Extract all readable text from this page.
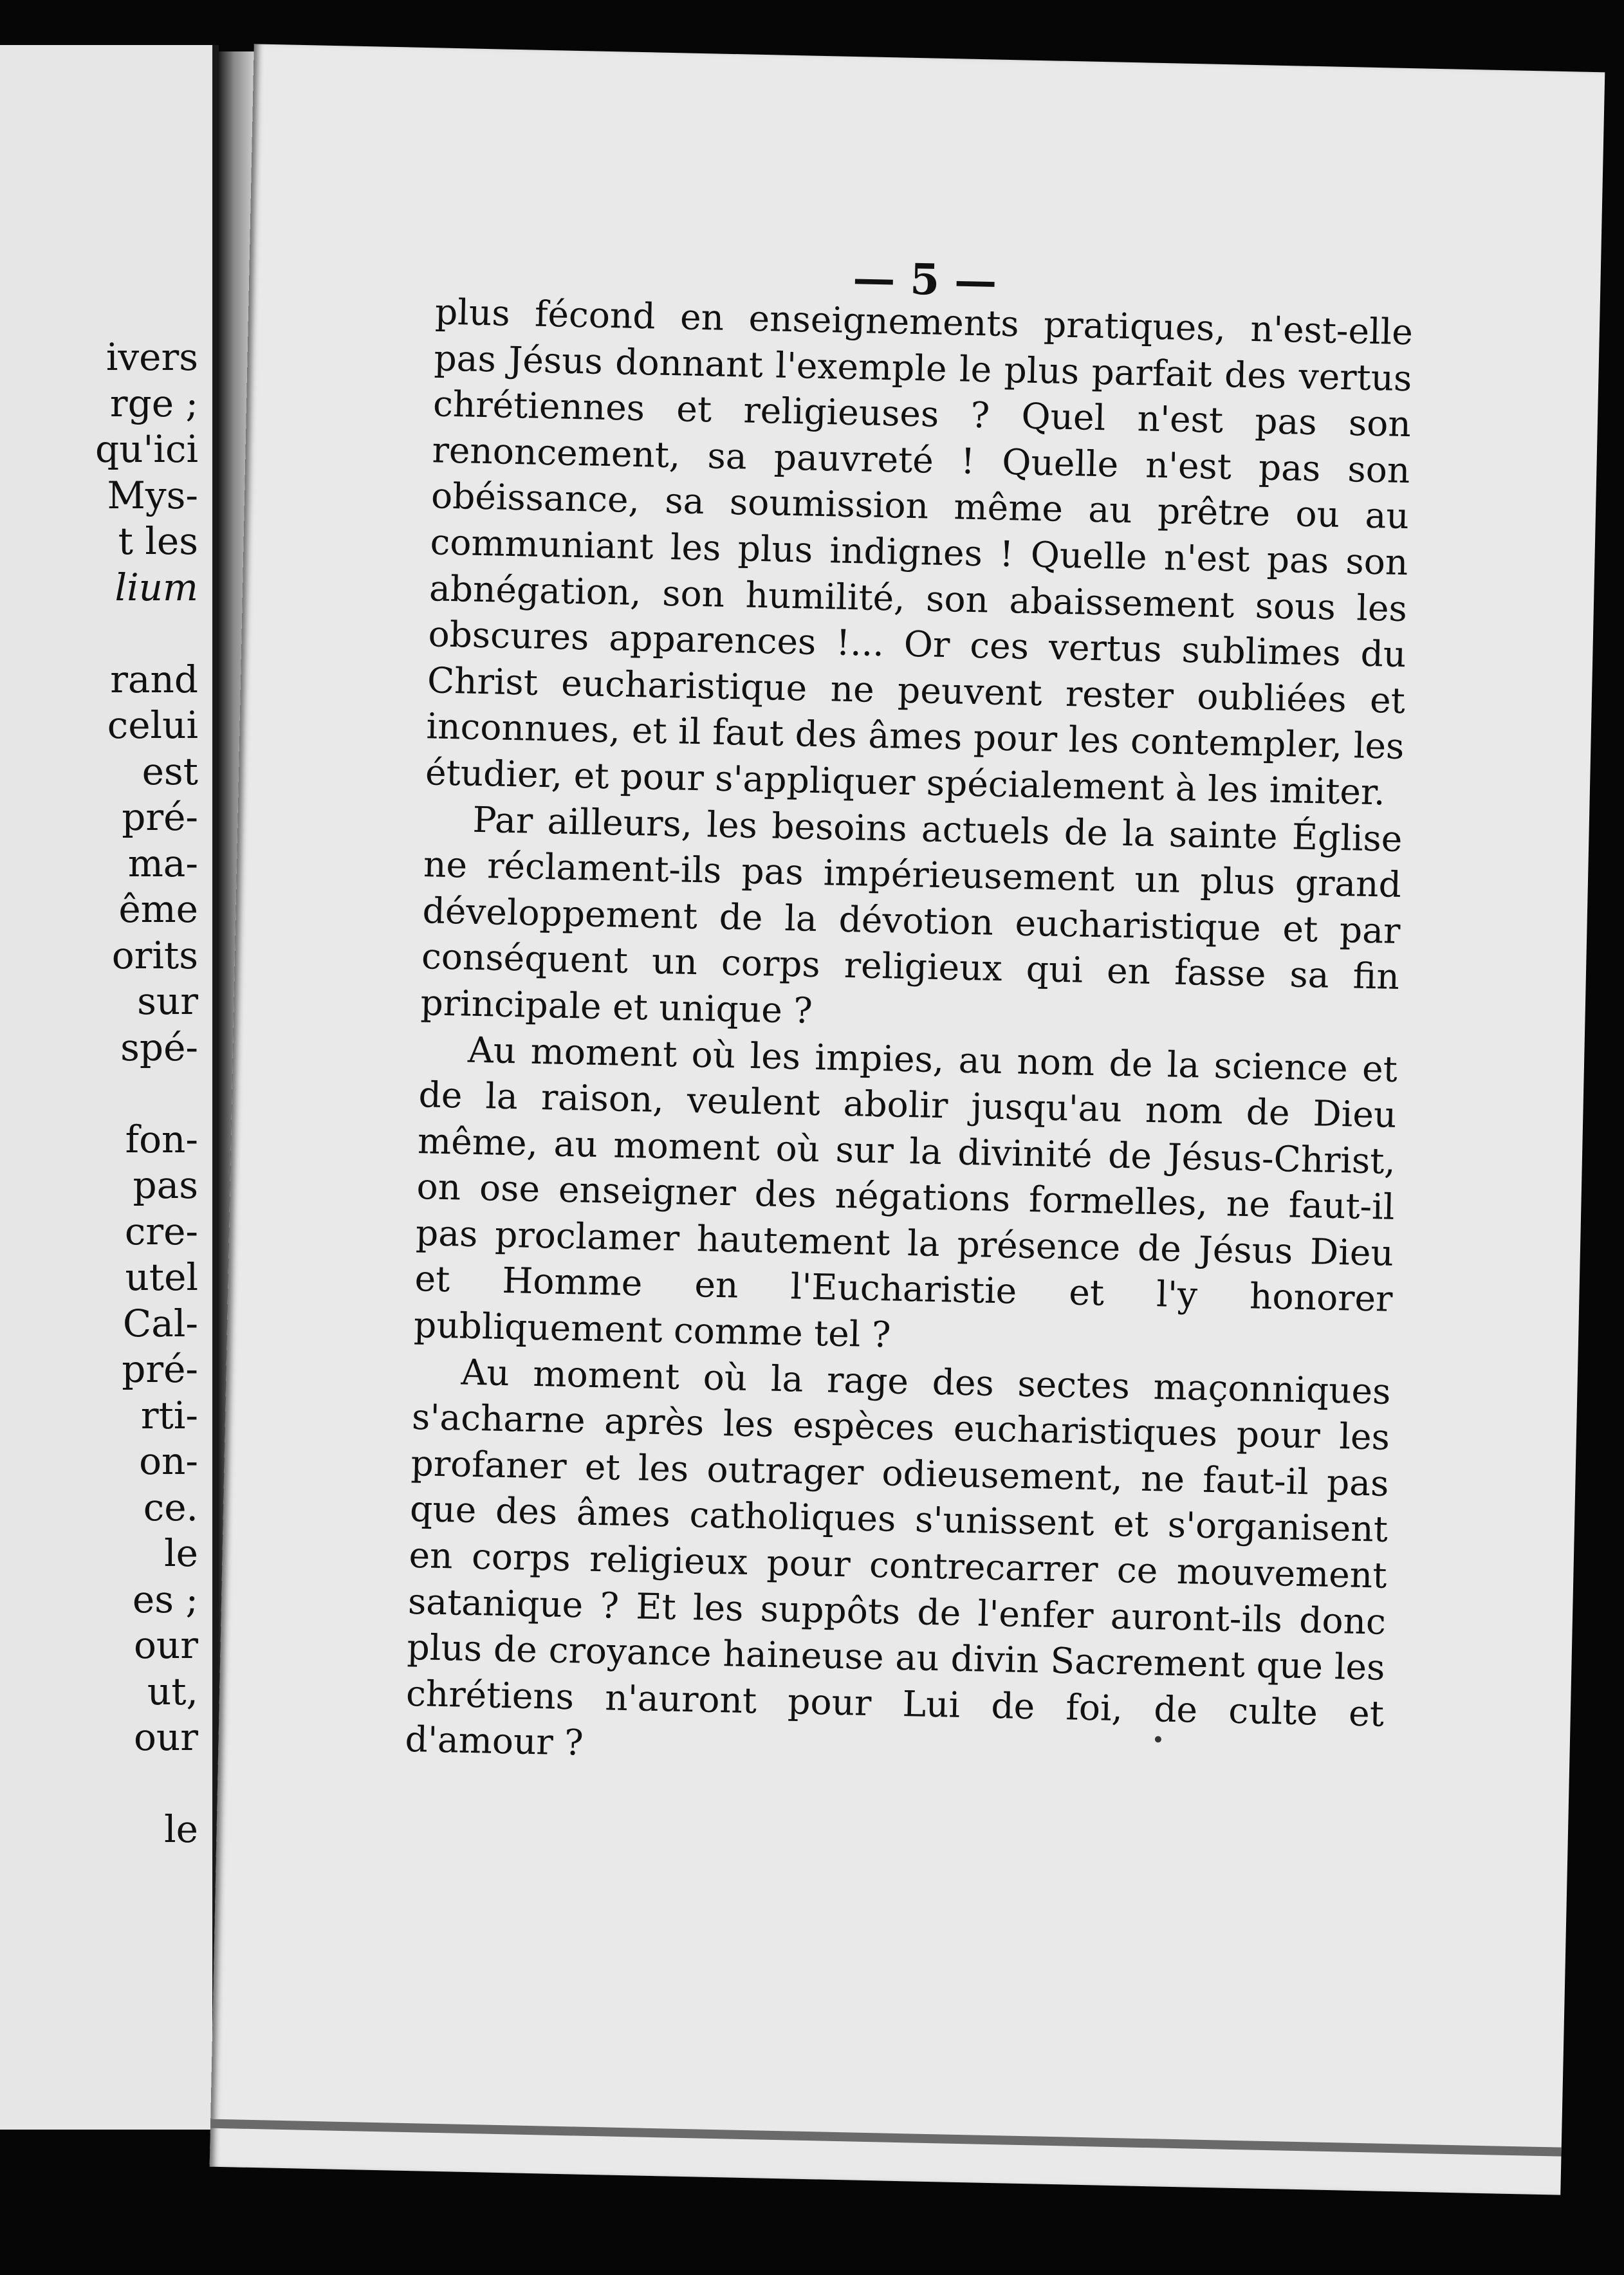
ivers
rge ;
qu'ici
Mys-
t les
lium
rand
celui
est
pré-
ma-
ême
orits
sur
spé-
fon-
pas
cre-
utel
Cal-
pré-
rti-
on-
ce.
le
es ;
our
ut,
our
le
— 5 —

plus fécond en enseignements pratiques, n'est-elle pas Jésus donnant l'exemple le plus parfait des vertus chrétiennes et religieuses ? Quel n'est pas son renoncement, sa pauvreté ! Quelle n'est pas son obéissance, sa soumission même au prêtre ou au communiant les plus indignes ! Quelle n'est pas son abnégation, son humilité, son abaissement sous les obscures apparences !... Or ces vertus sublimes du Christ eucharistique ne peuvent rester oubliées et inconnues, et il faut des âmes pour les contempler, les étudier, et pour s'appliquer spécialement à les imiter.

Par ailleurs, les besoins actuels de la sainte Église ne réclament-ils pas impérieusement un plus grand développement de la dévotion eucharistique et par conséquent un corps religieux qui en fasse sa fin principale et unique ?

Au moment où les impies, au nom de la science et de la raison, veulent abolir jusqu'au nom de Dieu même, au moment où sur la divinité de Jésus-Christ, on ose enseigner des négations formelles, ne faut-il pas proclamer hautement la présence de Jésus Dieu et Homme en l'Eucharistie et l'y honorer publiquement comme tel ?

Au moment où la rage des sectes maçonniques s'acharne après les espèces eucharistiques pour les profaner et les outrager odieusement, ne faut-il pas que des âmes catholiques s'unissent et s'organisent en corps religieux pour contrecarrer ce mouvement satanique ? Et les suppôts de l'enfer auront-ils donc plus de croyance haineuse au divin Sacrement que les chrétiens n'auront pour Lui de foi, de culte et d'amour ?
